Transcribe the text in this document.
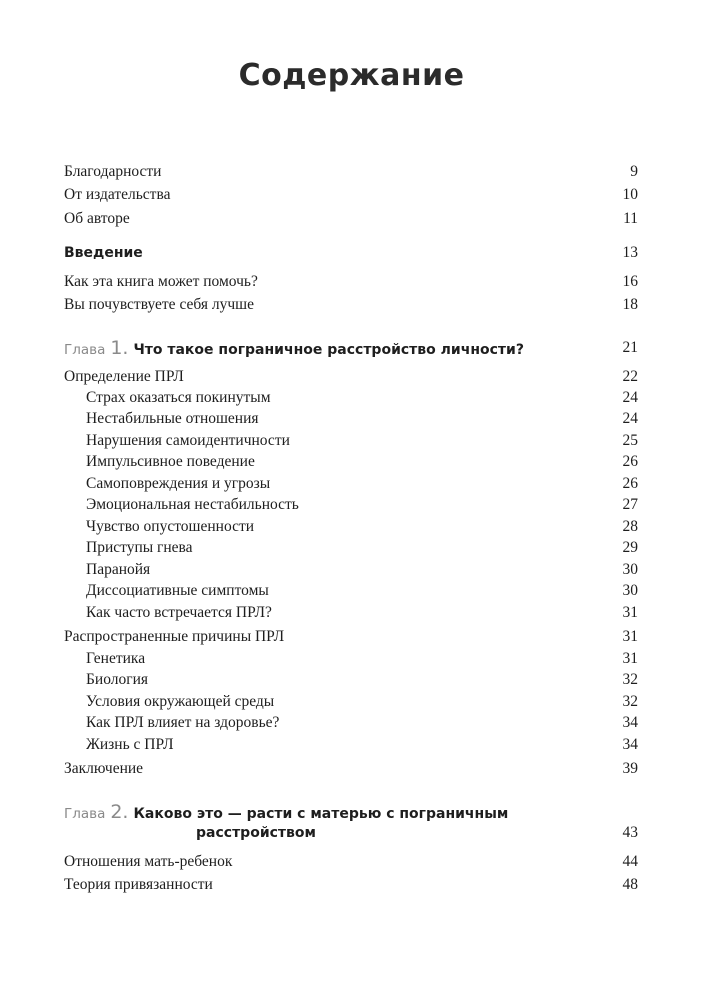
Содержание
Благодарности	9
От издательства	10
Об авторе	11
Введение	13
Как эта книга может помочь?	16
Вы почувствуете себя лучше	18
Глава 1. Что такое пограничное расстройство личности?	21
Определение ПРЛ	22
Страх оказаться покинутым	24
Нестабильные отношения	24
Нарушения самоидентичности	25
Импульсивное поведение	26
Самоповреждения и угрозы	26
Эмоциональная нестабильность	27
Чувство опустошенности	28
Приступы гнева	29
Паранойя	30
Диссоциативные симптомы	30
Как часто встречается ПРЛ?	31
Распространенные причины ПРЛ	31
Генетика	31
Биология	32
Условия окружающей среды	32
Как ПРЛ влияет на здоровье?	34
Жизнь с ПРЛ	34
Заключение	39
Глава 2. Каково это — расти с матерью с пограничным
расстройством	43
Отношения мать-ребенок	44
Теория привязанности	48
